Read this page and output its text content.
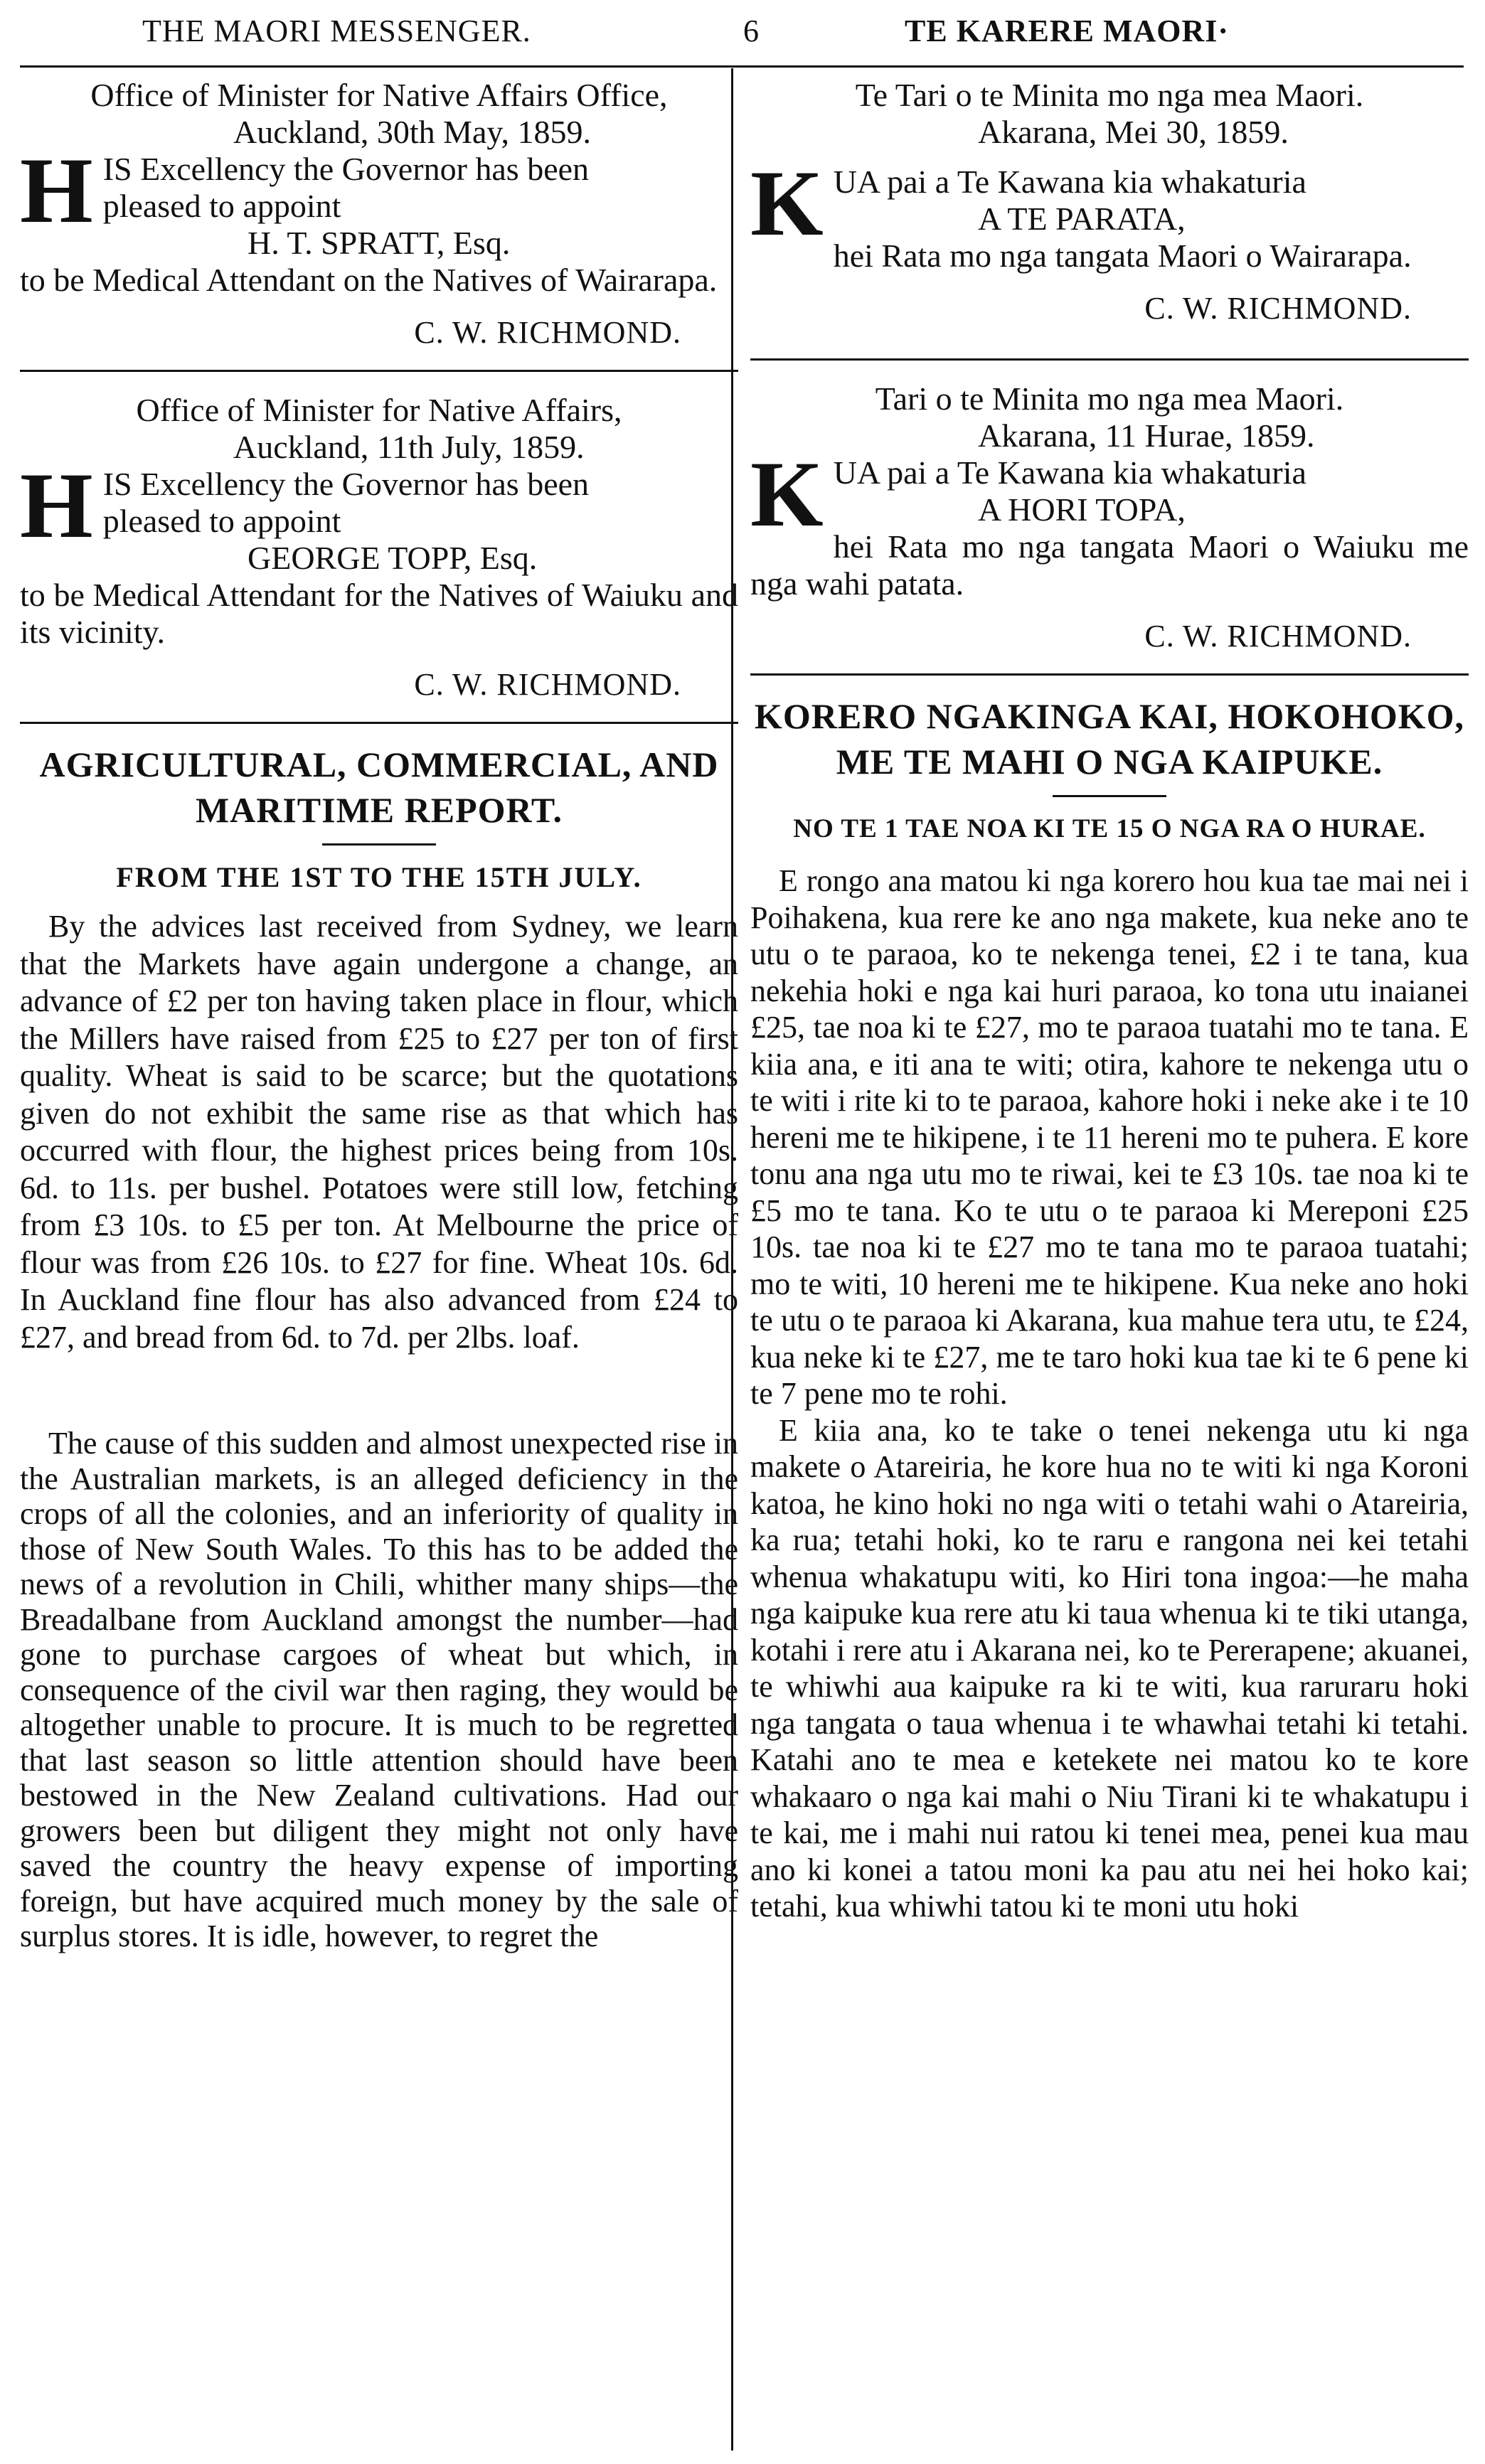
THE MAORI MESSENGER.	6	TE KARERE MAORI·
Office of Minister for Native Affairs Office,
Auckland, 30th May, 1859.
H IS Excellency the Governor has been
pleased to appoint
H. T. SPRATT, Esq.
to be Medical Attendant on the Natives of Wairarapa.
C. W. RICHMOND.
Office of Minister for Native Affairs,
Auckland, 11th July, 1859.
H IS Excellency the Governor has been
pleased to appoint
GEORGE TOPP, Esq.
to be Medical Attendant for the Natives of Waiuku and its vicinity.
C. W. RICHMOND.
AGRICULTURAL, COMMERCIAL, AND
MARITIME REPORT.
FROM THE 1ST TO THE 15TH JULY.

By the advices last received from Sydney, we learn that the Markets have again undergone a change, an advance of £2 per ton having taken place in flour, which the Millers have raised from £25 to £27 per ton of first quality. Wheat is said to be scarce; but the quotations given do not exhibit the same rise as that which has occurred with flour, the highest prices being from 10s. 6d. to 11s. per bushel. Potatoes were still low, fetching from £3 10s. to £5 per ton. At Melbourne the price of flour was from £26 10s. to £27 for fine. Wheat 10s. 6d. In Auckland fine flour has also advanced from £24 to £27, and bread from 6d. to 7d. per 2lbs. loaf.

The cause of this sudden and almost unexpected rise in the Australian markets, is an alleged deficiency in the crops of all the colonies, and an inferiority of quality in those of New South Wales. To this has to be added the news of a revolution in Chili, whither many ships—the Breadalbane from Auckland amongst the number—had gone to purchase cargoes of wheat but which, in consequence of the civil war then raging, they would be altogether unable to procure. It is much to be regretted that last season so little attention should have been bestowed in the New Zealand cultivations. Had our growers been but diligent they might not only have saved the country the heavy expense of importing foreign, but have acquired much money by the sale of surplus stores. It is idle, however, to regret the

Te Tari o te Minita mo nga mea Maori.
Akarana, Mei 30, 1859.
K UA pai a Te Kawana kia whakaturia
A TE PARATA,
hei Rata mo nga tangata Maori o Wairarapa.
C. W. RICHMOND.
Tari o te Minita mo nga mea Maori.
Akarana, 11 Hurae, 1859.
K UA pai a Te Kawana kia whakaturia
A HORI TOPA,
hei Rata mo nga tangata Maori o Waiuku me nga wahi patata.
C. W. RICHMOND.
KORERO NGAKINGA KAI, HOKOHOKO,
ME TE MAHI O NGA KAIPUKE.
NO TE 1 TAE NOA KI TE 15 O NGA RA O HURAE.

E rongo ana matou ki nga korero hou kua tae mai nei i Poihakena, kua rere ke ano nga makete, kua neke ano te utu o te paraoa, ko te nekenga tenei, £2 i te tana, kua nekehia hoki e nga kai huri paraoa, ko tona utu inaianei £25, tae noa ki te £27, mo te paraoa tuatahi mo te tana. E kiia ana, e iti ana te witi; otira, kahore te nekenga utu o te witi i rite ki to te paraoa, kahore hoki i neke ake i te 10 hereni me te hikipene, i te 11 hereni mo te puhera. E kore tonu ana nga utu mo te riwai, kei te £3 10s. tae noa ki te £5 mo te tana. Ko te utu o te paraoa ki Mereponi £25 10s. tae noa ki te £27 mo te tana mo te paraoa tuatahi; mo te witi, 10 hereni me te hikipene. Kua neke ano hoki te utu o te paraoa ki Akarana, kua mahue tera utu, te £24, kua neke ki te £27, me te taro hoki kua tae ki te 6 pene ki te 7 pene mo te rohi.

E kiia ana, ko te take o tenei nekenga utu ki nga makete o Atareiria, he kore hua no te witi ki nga Koroni katoa, he kino hoki no nga witi o tetahi wahi o Atareiria, ka rua; tetahi hoki, ko te raru e rangona nei kei tetahi whenua whakatupu witi, ko Hiri tona ingoa:—he maha nga kaipuke kua rere atu ki taua whenua ki te tiki utanga, kotahi i rere atu i Akarana nei, ko te Pererapene; akuanei, te whiwhi aua kaipuke ra ki te witi, kua raruraru hoki nga tangata o taua whenua i te whawhai tetahi ki tetahi. Katahi ano te mea e ketekete nei matou ko te kore whakaaro o nga kai mahi o Niu Tirani ki te whakatupu i te kai, me i mahi nui ratou ki tenei mea, penei kua mau ano ki konei a tatou moni ka pau atu nei hei hoko kai; tetahi, kua whiwhi tatou ki te moni utu hoki
